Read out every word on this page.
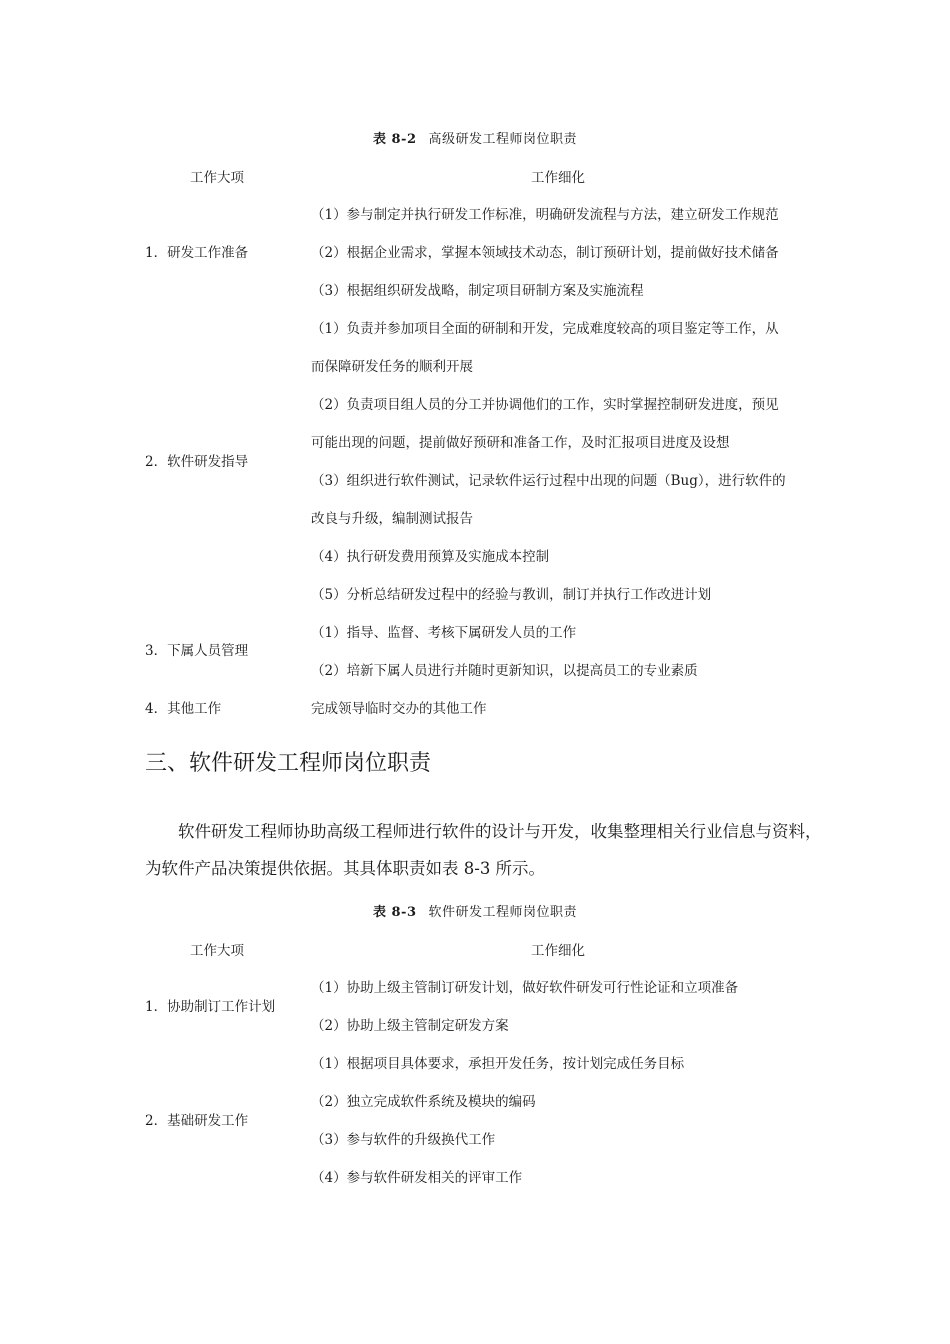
表 8-2 高级研发工程师岗位职责
工作大项	工作细化
1．研发工作准备
2．软件研发指导
3．下属人员管理
4．其他工作
（1）参与制定并执行研发工作标准，明确研发流程与方法，建立研发工作规范
（2）根据企业需求，掌握本领域技术动态，制订预研计划，提前做好技术储备
（3）根据组织研发战略，制定项目研制方案及实施流程
（1）负责并参加项目全面的研制和开发，完成难度较高的项目鉴定等工作，从
而保障研发任务的顺利开展
（2）负责项目组人员的分工并协调他们的工作，实时掌握控制研发进度，预见
可能出现的问题，提前做好预研和准备工作，及时汇报项目进度及设想
（3）组织进行软件测试，记录软件运行过程中出现的问题（Bug），进行软件的
改良与升级，编制测试报告
（4）执行研发费用预算及实施成本控制
（5）分析总结研发过程中的经验与教训，制订并执行工作改进计划
（1）指导、监督、考核下属研发人员的工作
（2）培新下属人员进行并随时更新知识，以提高员工的专业素质
完成领导临时交办的其他工作
三、软件研发工程师岗位职责
软件研发工程师协助高级工程师进行软件的设计与开发，收集整理相关行业信息与资料，
为软件产品决策提供依据。其具体职责如表 8-3 所示。
表 8-3 软件研发工程师岗位职责
工作大项	工作细化
1．协助制订工作计划
2．基础研发工作
（1）协助上级主管制订研发计划，做好软件研发可行性论证和立项准备
（2）协助上级主管制定研发方案
（1）根据项目具体要求，承担开发任务，按计划完成任务目标
（2）独立完成软件系统及模块的编码
（3）参与软件的升级换代工作
（4）参与软件研发相关的评审工作
